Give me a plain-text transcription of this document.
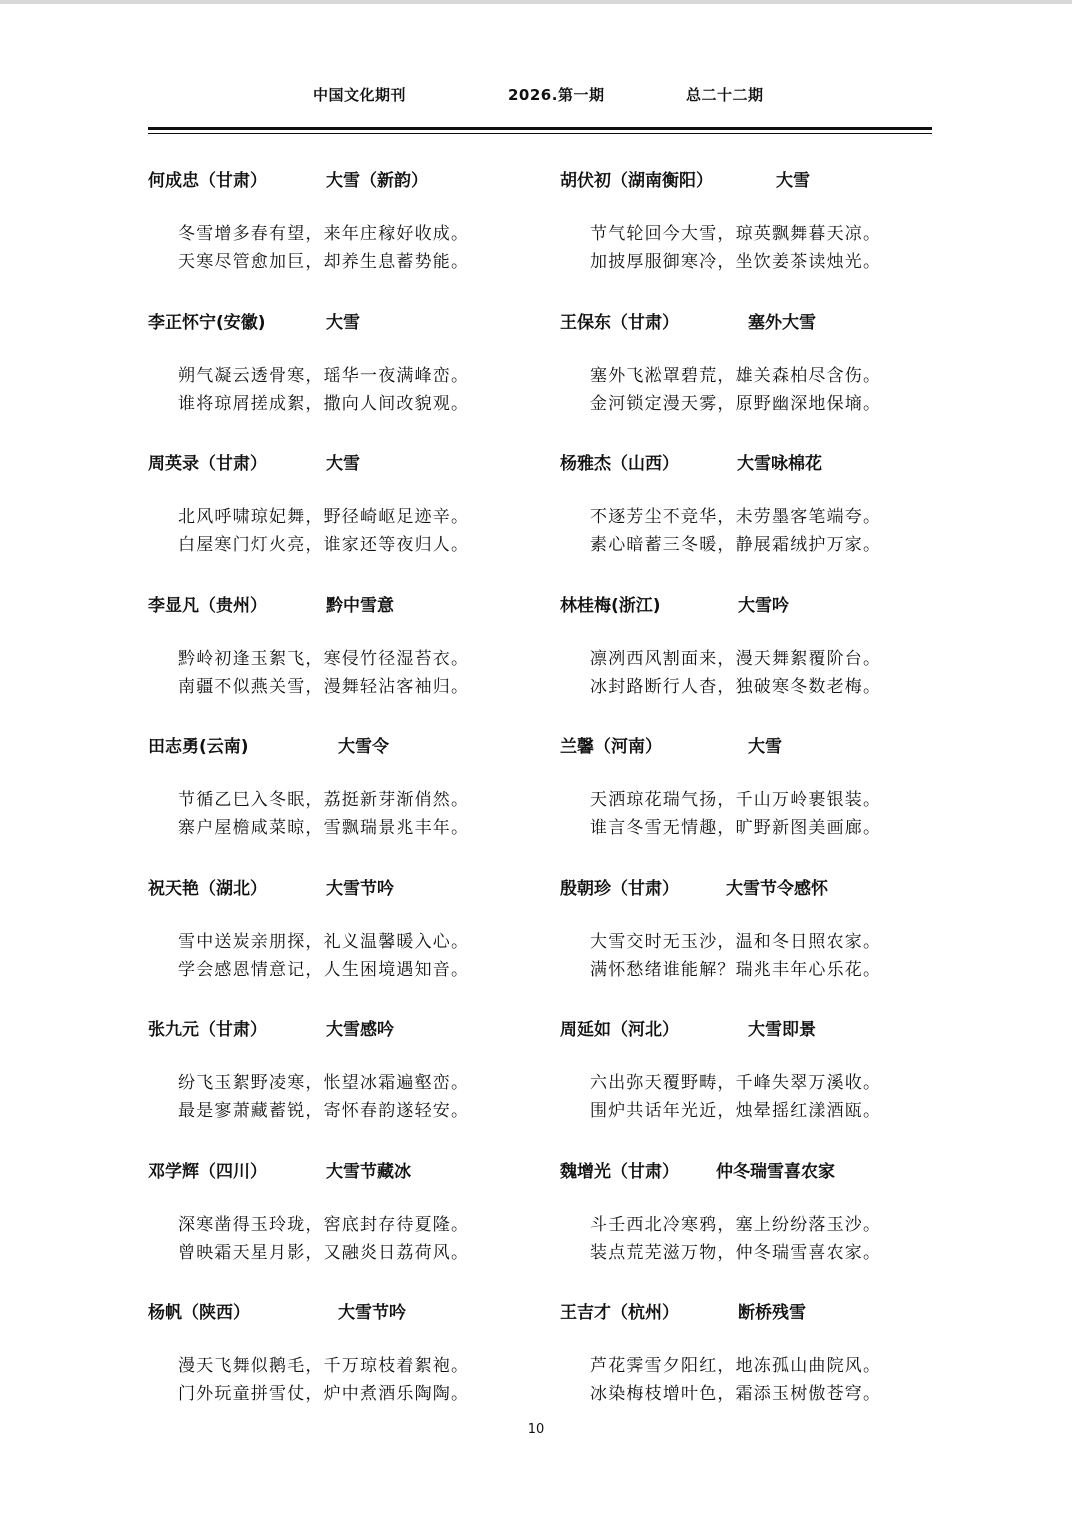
中国文化期刊	2026.第一期	总二十二期
何成忠（甘肃）	大雪（新韵）
冬雪增多春有望，来年庄稼好收成。
天寒尽管愈加巨，却养生息蓄势能。
李正怀宁(安徽)	大雪
朔气凝云透骨寒，瑶华一夜满峰峦。
谁将琼屑搓成絮，撒向人间改貌观。
周英录（甘肃）	大雪
北风呼啸琼妃舞，野径崎岖足迹辛。
白屋寒门灯火亮，谁家还等夜归人。
李显凡（贵州）	黔中雪意
黔岭初逢玉絮飞，寒侵竹径湿苔衣。
南疆不似燕关雪，漫舞轻沾客袖归。
田志勇(云南)	大雪令
节循乙巳入冬眠，荔挺新芽渐俏然。
寨户屋檐咸菜晾，雪飘瑞景兆丰年。
祝天艳（湖北）	大雪节吟
雪中送炭亲朋探，礼义温馨暖入心。
学会感恩情意记，人生困境遇知音。
张九元（甘肃）	大雪感吟
纷飞玉絮野凌寒，怅望冰霜遍壑峦。
最是寥萧藏蓄锐，寄怀春韵遂轻安。
邓学辉（四川）	大雪节藏冰
深寒凿得玉玲珑，窖底封存待夏隆。
曾映霜天星月影，又融炎日荔荷风。
杨帆（陕西）	大雪节吟
漫天飞舞似鹅毛，千万琼枝着絮袍。
门外玩童拼雪仗，炉中煮酒乐陶陶。
胡伏初（湖南衡阳）	大雪
节气轮回今大雪，琼英飘舞暮天凉。
加披厚服御寒冷，坐饮姜茶读烛光。
王保东（甘肃）	塞外大雪
塞外飞淞罩碧荒，雄关森柏尽含伤。
金河锁定漫天雾，原野幽深地保墒。
杨雅杰（山西）	大雪咏棉花
不逐芳尘不竞华，未劳墨客笔端夸。
素心暗蓄三冬暖，静展霜绒护万家。
林桂梅(浙江)	大雪吟
凛冽西风割面来，漫天舞絮覆阶台。
冰封路断行人杳，独破寒冬数老梅。
兰馨（河南）	大雪
天洒琼花瑞气扬，千山万岭裹银装。
谁言冬雪无情趣，旷野新图美画廊。
殷朝珍（甘肃）	大雪节令感怀
大雪交时无玉沙，温和冬日照农家。
满怀愁绪谁能解？瑞兆丰年心乐花。
周延如（河北）	大雪即景
六出弥天覆野畴，千峰失翠万溪收。
围炉共话年光近，烛晕摇红漾酒瓯。
魏增光（甘肃） 仲冬瑞雪喜农家
斗壬西北冷寒鸦，塞上纷纷落玉沙。
装点荒芜滋万物，仲冬瑞雪喜农家。
王吉才（杭州）	断桥残雪
芦花霁雪夕阳红，地冻孤山曲院风。
冰染梅枝增叶色，霜添玉树傲苍穹。
10
